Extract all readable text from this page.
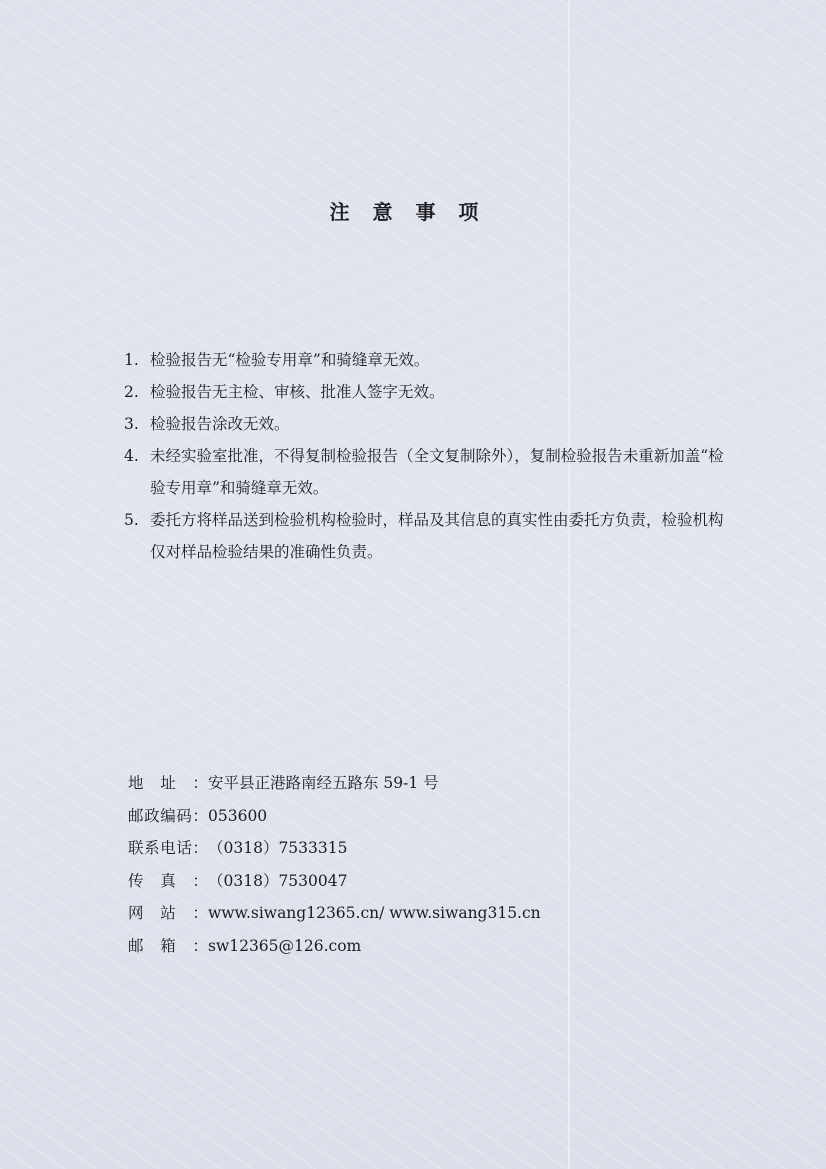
注 意 事 项
1. 检验报告无“检验专用章”和骑缝章无效。
2. 检验报告无主检、审核、批准人签字无效。
3. 检验报告涂改无效。
4. 未经实验室批准，不得复制检验报告（全文复制除外），复制检验报告未重新加盖“检验专用章”和骑缝章无效。
5. 委托方将样品送到检验机构检验时，样品及其信息的真实性由委托方负责，检验机构仅对样品检验结果的准确性负责。
地址： 安平县正港路南经五路东 59-1 号
邮政编码： 053600
联系电话： （0318）7533315
传真： （0318）7530047
网站： www.siwang12365.cn/ www.siwang315.cn
邮箱： sw12365@126.com
